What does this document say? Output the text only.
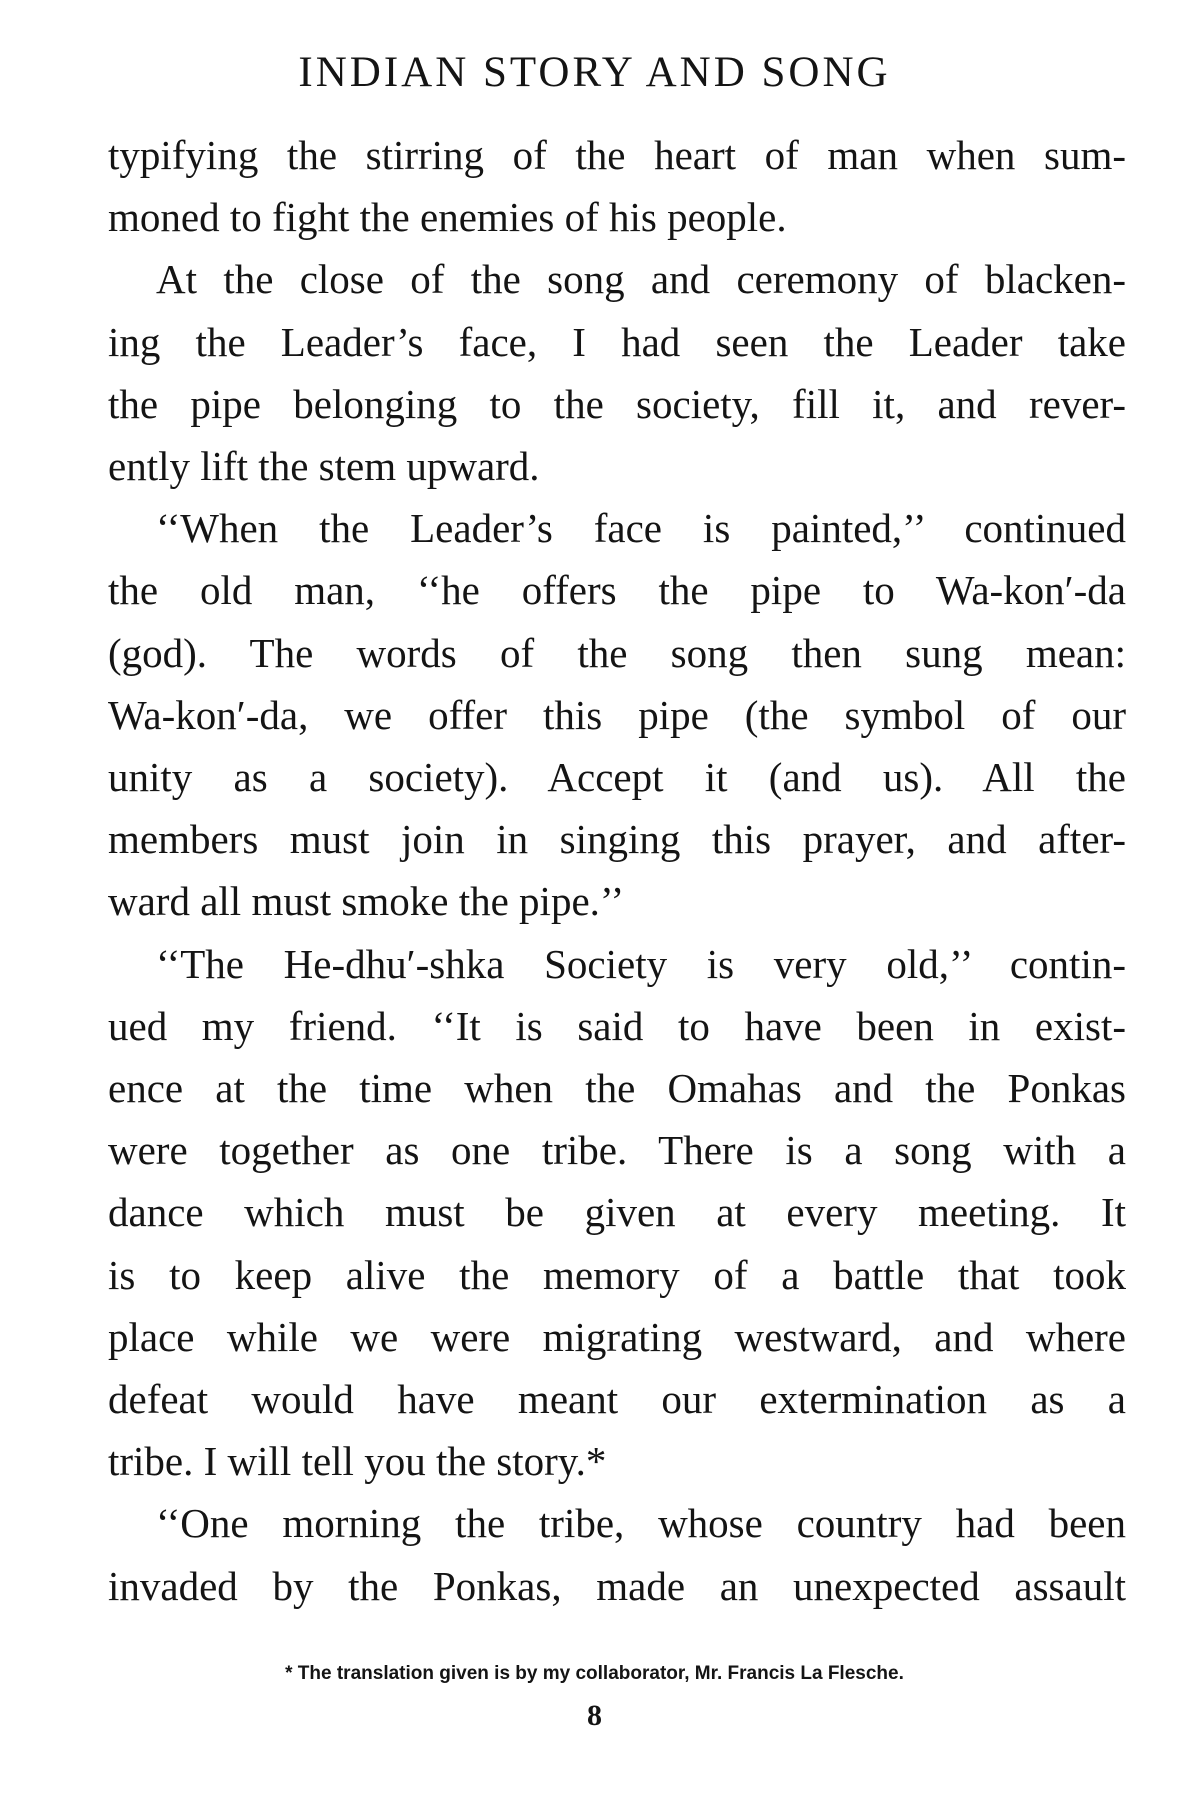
INDIAN STORY AND SONG
typifying the stirring of the heart of man when sum-
moned to fight the enemies of his people.
At the close of the song and ceremony of blacken-
ing the Leader’s face, I had seen the Leader take
the pipe belonging to the society, fill it, and rever-
ently lift the stem upward.
‘‘When the Leader’s face is painted,’’ continued
the old man, ‘‘he offers the pipe to Wa-kon′-da
(god). The words of the song then sung mean:
Wa-kon′-da, we offer this pipe (the symbol of our
unity as a society). Accept it (and us). All the
members must join in singing this prayer, and after-
ward all must smoke the pipe.’’
‘‘The He-dhu′-shka Society is very old,’’ contin-
ued my friend. ‘‘It is said to have been in exist-
ence at the time when the Omahas and the Ponkas
were together as one tribe. There is a song with a
dance which must be given at every meeting. It
is to keep alive the memory of a battle that took
place while we were migrating westward, and where
defeat would have meant our extermination as a
tribe. I will tell you the story.*
‘‘One morning the tribe, whose country had been
invaded by the Ponkas, made an unexpected assault
* The translation given is by my collaborator, Mr. Francis La Flesche.
8
